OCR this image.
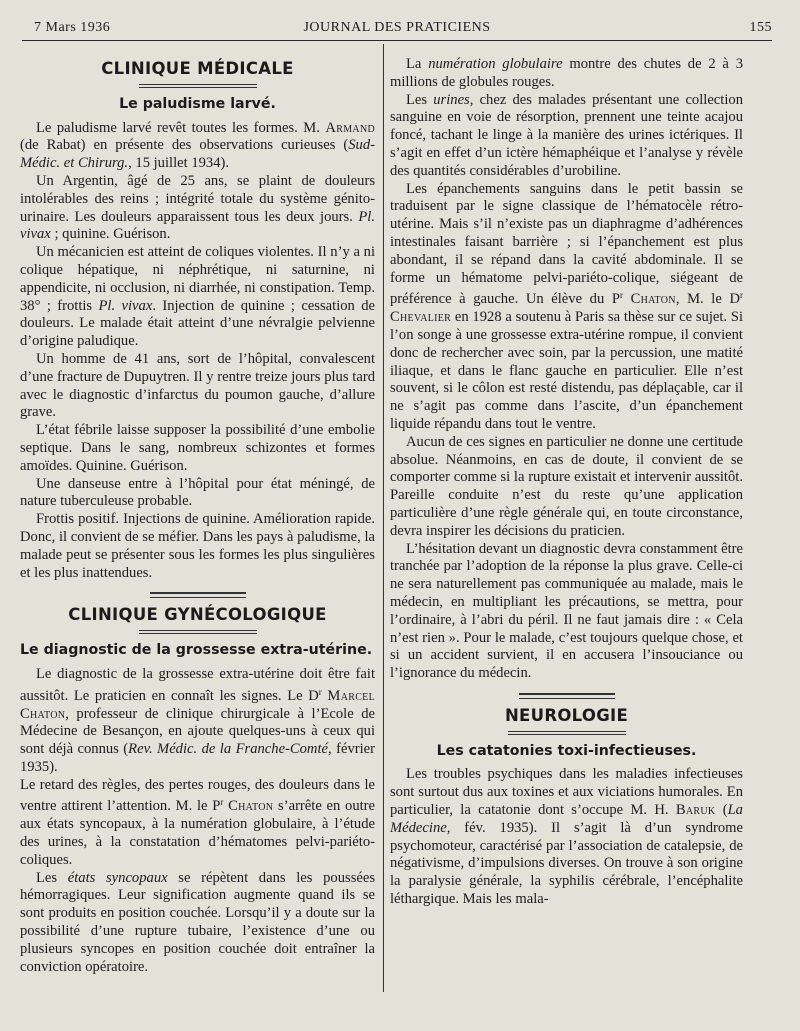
7 Mars 1936	JOURNAL DES PRATICIENS	155
CLINIQUE MÉDICALE
Le paludisme larvé.

Le paludisme larvé revêt toutes les formes. M. Armand (de Rabat) en présente des observations curieuses (Sud-Médic. et Chirurg., 15 juillet 1934).

Un Argentin, âgé de 25 ans, se plaint de douleurs intolérables des reins ; intégrité totale du système génito-urinaire. Les douleurs apparaissent tous les deux jours. Pl. vivax ; quinine. Guérison.

Un mécanicien est atteint de coliques violentes. Il n’y a ni colique hépatique, ni néphrétique, ni saturnine, ni appendicite, ni occlusion, ni diarrhée, ni constipation. Temp. 38° ; frottis Pl. vivax. Injection de quinine ; cessation de douleurs. Le malade était atteint d’une névralgie pelvienne d’origine paludique.

Un homme de 41 ans, sort de l’hôpital, convalescent d’une fracture de Dupuytren. Il y rentre treize jours plus tard avec le diagnostic d’infarctus du poumon gauche, d’allure grave.

L’état fébrile laisse supposer la possibilité d’une embolie septique. Dans le sang, nombreux schizontes et formes amoïdes. Quinine. Guérison.

Une danseuse entre à l’hôpital pour état méningé, de nature tuberculeuse probable.

Frottis positif. Injections de quinine. Amélioration rapide. Donc, il convient de se méfier. Dans les pays à paludisme, la malade peut se présenter sous les formes les plus singulières et les plus inattendues.

CLINIQUE GYNÉCOLOGIQUE
Le diagnostic de la grossesse extra-utérine.

Le diagnostic de la grossesse extra-utérine doit être fait aussitôt. Le praticien en connaît les signes. Le $D^r$ Marcel Chaton, professeur de clinique chirurgicale à l’Ecole de Médecine de Besançon, en ajoute quelques-uns à ceux qui sont déjà connus (Rev. Médic. de la Franche-Comté, février 1935).

Le retard des règles, des pertes rouges, des douleurs dans le ventre attirent l’attention. M. le $P^r$ Chaton s’arrête en outre aux états syncopaux, à la numération globulaire, à l’étude des urines, à la constatation d’hématomes pelvi-pariéto-coliques.

Les états syncopaux se répètent dans les poussées hémorragiques. Leur signification augmente quand ils se sont produits en position couchée. Lorsqu’il y a doute sur la possibilité d’une rupture tubaire, l’existence d’une ou plusieurs syncopes en position couchée doit entraîner la conviction opératoire.

La numération globulaire montre des chutes de 2 à 3 millions de globules rouges.

Les urines, chez des malades présentant une collection sanguine en voie de résorption, prennent une teinte acajou foncé, tachant le linge à la manière des urines ictériques. Il s’agit en effet d’un ictère hémaphéique et l’analyse y révèle des quantités considérables d’urobiline.

Les épanchements sanguins dans le petit bassin se traduisent par le signe classique de l’hématocèle rétro-utérine. Mais s’il n’existe pas un diaphragme d’adhérences intestinales faisant barrière ; si l’épanchement est plus abondant, il se répand dans la cavité abdominale. Il se forme un hématome pelvi-pariéto-colique, siégeant de préférence à gauche. Un élève du $P^r$ Chaton, M. le $D^r$ Chevalier en 1928 a soutenu à Paris sa thèse sur ce sujet. Si l’on songe à une grossesse extra-utérine rompue, il convient donc de rechercher avec soin, par la percussion, une matité iliaque, et dans le flanc gauche en particulier. Elle n’est souvent, si le côlon est resté distendu, pas déplaçable, car il ne s’agit pas comme dans l’ascite, d’un épanchement liquide répandu dans tout le ventre.

Aucun de ces signes en particulier ne donne une certitude absolue. Néanmoins, en cas de doute, il convient de se comporter comme si la rupture existait et intervenir aussitôt. Pareille conduite n’est du reste qu’une application particulière d’une règle générale qui, en toute circonstance, devra inspirer les décisions du praticien.

L’hésitation devant un diagnostic devra constamment être tranchée par l’adoption de la réponse la plus grave. Celle-ci ne sera naturellement pas communiquée au malade, mais le médecin, en multipliant les précautions, se mettra, pour l’ordinaire, à l’abri du péril. Il ne faut jamais dire : « Cela n’est rien ». Pour le malade, c’est toujours quelque chose, et si un accident survient, il en accusera l’insouciance ou l’ignorance du médecin.

NEUROLOGIE
Les catatonies toxi-infectieuses.

Les troubles psychiques dans les maladies infectieuses sont surtout dus aux toxines et aux viciations humorales. En particulier, la catatonie dont s’occupe M. H. Baruk (La Médecine, fév. 1935). Il s’agit là d’un syndrome psychomoteur, caractérisé par l’association de catalepsie, de négativisme, d’impulsions diverses. On trouve à son origine la paralysie générale, la syphilis cérébrale, l’encéphalite léthargique. Mais les mala-
